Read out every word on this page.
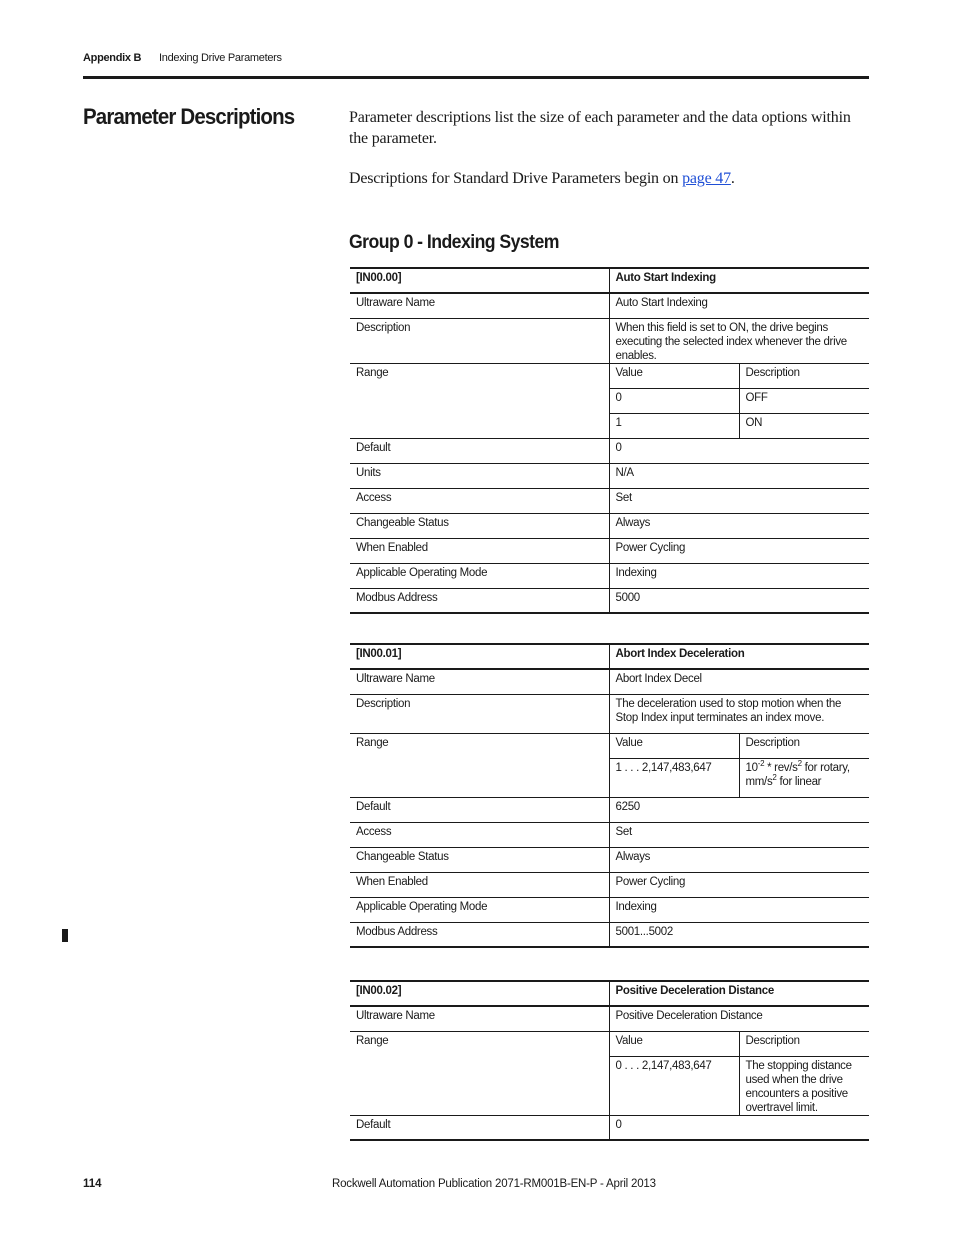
Appendix B Indexing Drive Parameters
Parameter Descriptions	Parameter descriptions list the size of each parameter and the data options within the parameter.
Descriptions for Standard Drive Parameters begin on page 47.
Group 0 - Indexing System
[IN00.00]	Auto Start Indexing	
Ultraware Name	Auto Start Indexing	
Description	When this field is set to ON, the drive begins executing the selected index whenever the drive enables.	
Range	Value	Description
	0	OFF
	1	ON
Default	0	
Units	N/A	
Access	Set	
Changeable Status	Always	
When Enabled	Power Cycling	
Applicable Operating Mode	Indexing	
Modbus Address	5000	
[IN00.01]	Abort Index Deceleration	
Ultraware Name	Abort Index Decel	
Description	The deceleration used to stop motion when the Stop Index input terminates an index move.	
Range	Value	Description
	1 . . . 2,147,483,647	$10^{-2} * rev/s^2$ for rotary, $mm/s^2$ for linear
Default	6250	
Access	Set	
Changeable Status	Always	
When Enabled	Power Cycling	
Applicable Operating Mode	Indexing	
Modbus Address	5001...5002	
[IN00.02]	Positive Deceleration Distance	
Ultraware Name	Positive Deceleration Distance	
Range	Value	Description
	0 . . . 2,147,483,647	The stopping distance used when the drive encounters a positive overtravel limit.
Default	0	
114	Rockwell Automation Publication 2071-RM001B-EN-P - April 2013
